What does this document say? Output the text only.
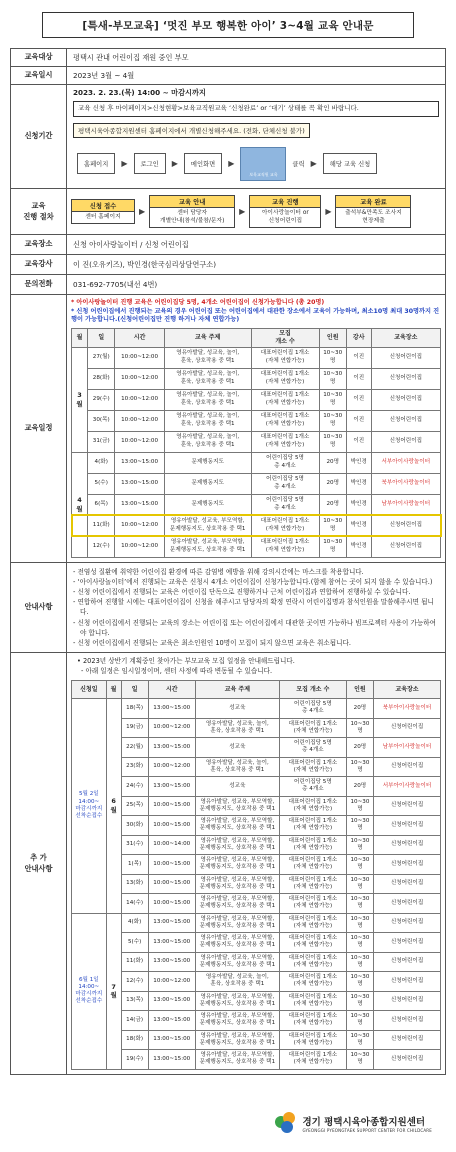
[특새-부모교육] ‘멋진 부모 행복한 아이’ 3~4월 교육 안내문
교육대상	평택시 관내 어린이집 재원 중인 부모
교육일시	2023년 3월 ~ 4월
신청기간	
2023. 2. 23.(목) 14:00 ~ 마감시까지
교육 신청 후 마이페이지>신청현황>보육교직원교육 ‘신청완료’ or ‘대기’ 상태를 꼭 확인 바랍니다.
평택시육아종합지원센터 홈페이지에서 개별신청해주세요. (전화, 단체신청 불가)
홈페이지	▶	로그인	▶	메인화면	▶
보육교직원 교육
클릭 ▶	해당 교육 신청

교육
진행 절차	
신청 접수
센터 홈페이지
▶
교육 안내
센터 담당자
개별안내(참석/불참/문자)
▶
교육 진행
아이사랑놀이터 or
신청어린이집
▶
교육 완료
출석부&만족도 조사지
현장제출

교육장소	신청 아이사랑놀이터 / 신청 어린이집
교육강사	이 진(오유키즈), 박인경(한국심리상담연구소)
문의전화	031-692-7705(내선 4번)
교육일정	
* 아이사랑놀이터 진행 교육은 어린이집당 5명, 4개소 어린이집이 신청가능합니다 (총 20명)
* 신청 어린이집에서 진행되는 교육의 경우 어린이집 또는 어린이집에서 대관한 장소에서 교육이 가능하며, 최소10명 최대 30명까지 진행이 가능합니다.(신청어린이집만 진행 하거나 자체 연합가능)
월	일	시간	교육 주제	모집
개소 수	인원	강사	교육장소
3
월	27(월)	10:00~12:00	영유아발달, 성교육, 놀이,
훈육, 상호작용 중 택1	대표어린이집 1개소
(자체 연합가능)	10~30명	이진	신청어린이집
28(화)	10:00~12:00	영유아발달, 성교육, 놀이,
훈육, 상호작용 중 택1	대표어린이집 1개소
(자체 연합가능)	10~30명	이진	신청어린이집
29(수)	10:00~12:00	영유아발달, 성교육, 놀이,
훈육, 상호작용 중 택1	대표어린이집 1개소
(자체 연합가능)	10~30명	이진	신청어린이집
30(목)	10:00~12:00	영유아발달, 성교육, 놀이,
훈육, 상호작용 중 택1	대표어린이집 1개소
(자체 연합가능)	10~30명	이진	신청어린이집
31(금)	10:00~12:00	영유아발달, 성교육, 놀이,
훈육, 상호작용 중 택1	대표어린이집 1개소
(자체 연합가능)	10~30명	이진	신청어린이집
4
월	4(화)	13:00~15:00	문제행동지도	어린이집당 5명
총 4개소	20명	박인경	서부아이사랑놀이터
5(수)	13:00~15:00	문제행동지도	어린이집당 5명
총 4개소	20명	박인경	북부아이사랑놀이터
6(목)	13:00~15:00	문제행동지도	어린이집당 5명
총 4개소	20명	박인경	남부아이사랑놀이터
11(화)	10:00~12:00	영유아발달, 성교육, 부모역할,
문제행동지도, 상호작용 중 택1	대표어린이집 1개소
(자체 연합가능)	10~30명	박인경	신청어린이집
12(수)	10:00~12:00	영유아발달, 성교육, 부모역할,
문제행동지도, 상호작용 중 택1	대표어린이집 1개소
(자체 연합가능)	10~30명	박인경	신청어린이집

안내사항	
- 전염성 질환에 취약한 어린이집 환경에 따른 감염병 예방을 위해 강의시간에는 마스크를 착용합니다.
- ‘아이사랑놀이터’에서 진행되는 교육은 신청시 4개소 어린이집이 신청가능합니다.(함께 참여는 곳이 되지 않을 수 있습니다.)
- 신청 어린이집에서 진행되는 교육은 어린이집 단독으로 진행하거나 근처 어린이집과 연합하여 진행하실 수 있습니다.
- 연합하여 진행할 시에는 대표어린이집이 신청을 해주시고 담당자의 확정 연락시 어린이집명과 참석인원을 말씀해주시면 됩니다.
- 신청 어린이집에서 진행되는 교육의 장소는 어린이집 또는 어린이집에서 대관한 곳이면 가능하나 빔프로젝터 사용이 가능하여야 합니다.
- 신청 어린이집에서 진행되는 교육은 최소인원인 10명이 모집이 되지 않으면 교육은 취소됩니다.

추 가
안내사항	
• 2023년 상반기 계획중인 찾아가는 부모교육 모집 일정을 안내해드립니다.
- 아래 일정은 임시일정이며, 센터 사정에 따라 변동될 수 있습니다.
신청일	월	일	시간	교육 주제	모집 개소 수	인원	교육장소
5월 2일
14:00~
마감시까지
선착순접수	6
월	18(목)	13:00~15:00	성교육	어린이집당 5명
총 4개소	20명	북부아이사랑놀이터
19(금)	10:00~12:00	영유아발달, 성교육, 놀이,
훈육, 상호작용 중 택1	대표어린이집 1개소
(자체 연합가능)	10~30명	신청어린이집
22(월)	13:00~15:00	성교육	어린이집당 5명
총 4개소	20명	남부아이사랑놀이터
23(화)	10:00~12:00	영유아발달, 성교육, 놀이,
훈육, 상호작용 중 택1	대표어린이집 1개소
(자체 연합가능)	10~30명	신청어린이집
24(수)	13:00~15:00	성교육	어린이집당 5명
총 4개소	20명	서부아이사랑놀이터
25(목)	10:00~15:00	영유아발달, 성교육, 부모역할,
문제행동지도, 상호작용 중 택1	대표어린이집 1개소
(자체 연합가능)	10~30명	신청어린이집
30(화)	10:00~15:00	영유아발달, 성교육, 부모역할,
문제행동지도, 상호작용 중 택1	대표어린이집 1개소
(자체 연합가능)	10~30명	신청어린이집
31(수)	10:00~14:00	영유아발달, 성교육, 부모역할,
문제행동지도, 상호작용 중 택1	대표어린이집 1개소
(자체 연합가능)	10~30명	신청어린이집
1(목)	10:00~15:00	영유아발달, 성교육, 부모역할,
문제행동지도, 상호작용 중 택1	대표어린이집 1개소
(자체 연합가능)	10~30명	신청어린이집
13(화)	10:00~15:00	영유아발달, 성교육, 부모역할,
문제행동지도, 상호작용 중 택1	대표어린이집 1개소
(자체 연합가능)	10~30명	신청어린이집
14(수)	10:00~15:00	영유아발달, 성교육, 부모역할,
문제행동지도, 상호작용 중 택1	대표어린이집 1개소
(자체 연합가능)	10~30명	신청어린이집
6월 1일
14:00~
마감시까지
선착순접수	7
월	4(화)	13:00~15:00	영유아발달, 성교육, 부모역할,
문제행동지도, 상호작용 중 택1	대표어린이집 1개소
(자체 연합가능)	10~30명	신청어린이집
5(수)	13:00~15:00	영유아발달, 성교육, 부모역할,
문제행동지도, 상호작용 중 택1	대표어린이집 1개소
(자체 연합가능)	10~30명	신청어린이집
11(화)	13:00~15:00	영유아발달, 성교육, 부모역할,
문제행동지도, 상호작용 중 택1	대표어린이집 1개소
(자체 연합가능)	10~30명	신청어린이집
12(수)	10:00~12:00	영유아발달, 성교육, 놀이,
훈육, 상호작용 중 택1	대표어린이집 1개소
(자체 연합가능)	10~30명	신청어린이집
13(목)	13:00~15:00	영유아발달, 성교육, 부모역할,
문제행동지도, 상호작용 중 택1	대표어린이집 1개소
(자체 연합가능)	10~30명	신청어린이집
14(금)	13:00~15:00	영유아발달, 성교육, 부모역할,
문제행동지도, 상호작용 중 택1	대표어린이집 1개소
(자체 연합가능)	10~30명	신청어린이집
18(화)	13:00~15:00	영유아발달, 성교육, 부모역할,
문제행동지도, 상호작용 중 택1	대표어린이집 1개소
(자체 연합가능)	10~30명	신청어린이집
19(수)	13:00~15:00	영유아발달, 성교육, 부모역할,
문제행동지도, 상호작용 중 택1	대표어린이집 1개소
(자체 연합가능)	10~30명	신청어린이집
경기 평택시육아종합지원센터
GYEONGGI PYEONGTAEK SUPPORT CENTER FOR CHILDCARE
